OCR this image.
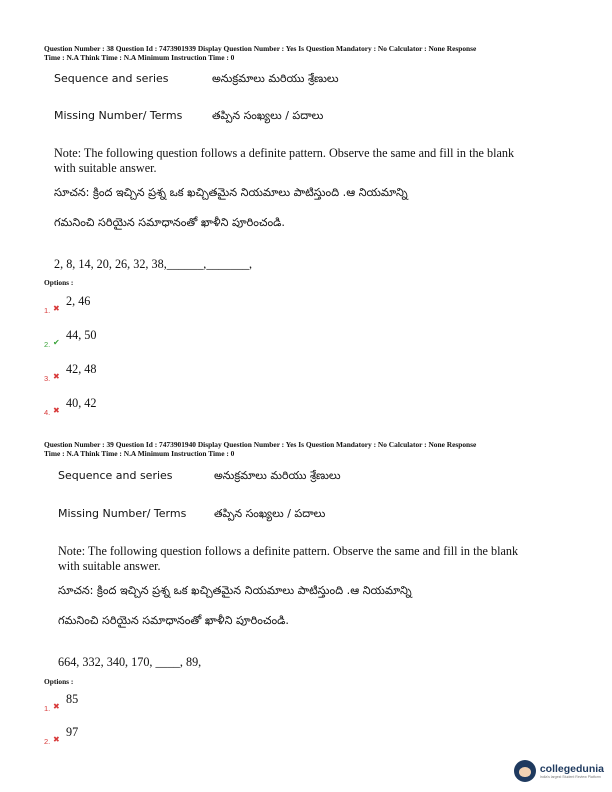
Question Number : 38 Question Id : 7473901939 Display Question Number : Yes Is Question Mandatory : No Calculator : None Response
Time : N.A Think Time : N.A Minimum Instruction Time : 0
Sequence and series	అనుక్రమాలు మరియు శ్రేణులు
Missing Number/ Terms	తప్పిన సంఖ్యలు / పదాలు
Note: The following question follows a definite pattern. Observe the same and fill in the blank with suitable answer.
సూచన: క్రింద ఇచ్చిన ప్రశ్న ఒక ఖచ్చితమైన నియమాలు పాటిస్తుంది .ఆ నియమాన్ని
గమనించి సరియైన సమాధానంతో ఖాళీని పూరించండి.
2, 8, 14, 20, 26, 32, 38,______,_______,
Options :
1. ✖
2, 46
2. ✔
44, 50
3. ✖
42, 48
4. ✖
40, 42
Question Number : 39 Question Id : 7473901940 Display Question Number : Yes Is Question Mandatory : No Calculator : None Response
Time : N.A Think Time : N.A Minimum Instruction Time : 0
Sequence and series	అనుక్రమాలు మరియు శ్రేణులు
Missing Number/ Terms	తప్పిన సంఖ్యలు / పదాలు
Note: The following question follows a definite pattern. Observe the same and fill in the blank with suitable answer.
సూచన: క్రింద ఇచ్చిన ప్రశ్న ఒక ఖచ్చితమైన నియమాలు పాటిస్తుంది .ఆ నియమాన్ని
గమనించి సరియైన సమాధానంతో ఖాళీని పూరించండి.
664, 332, 340, 170, ____, 89,
Options :
1. ✖
85
2. ✖
97
collegedunia
India's largest Student Review Platform
